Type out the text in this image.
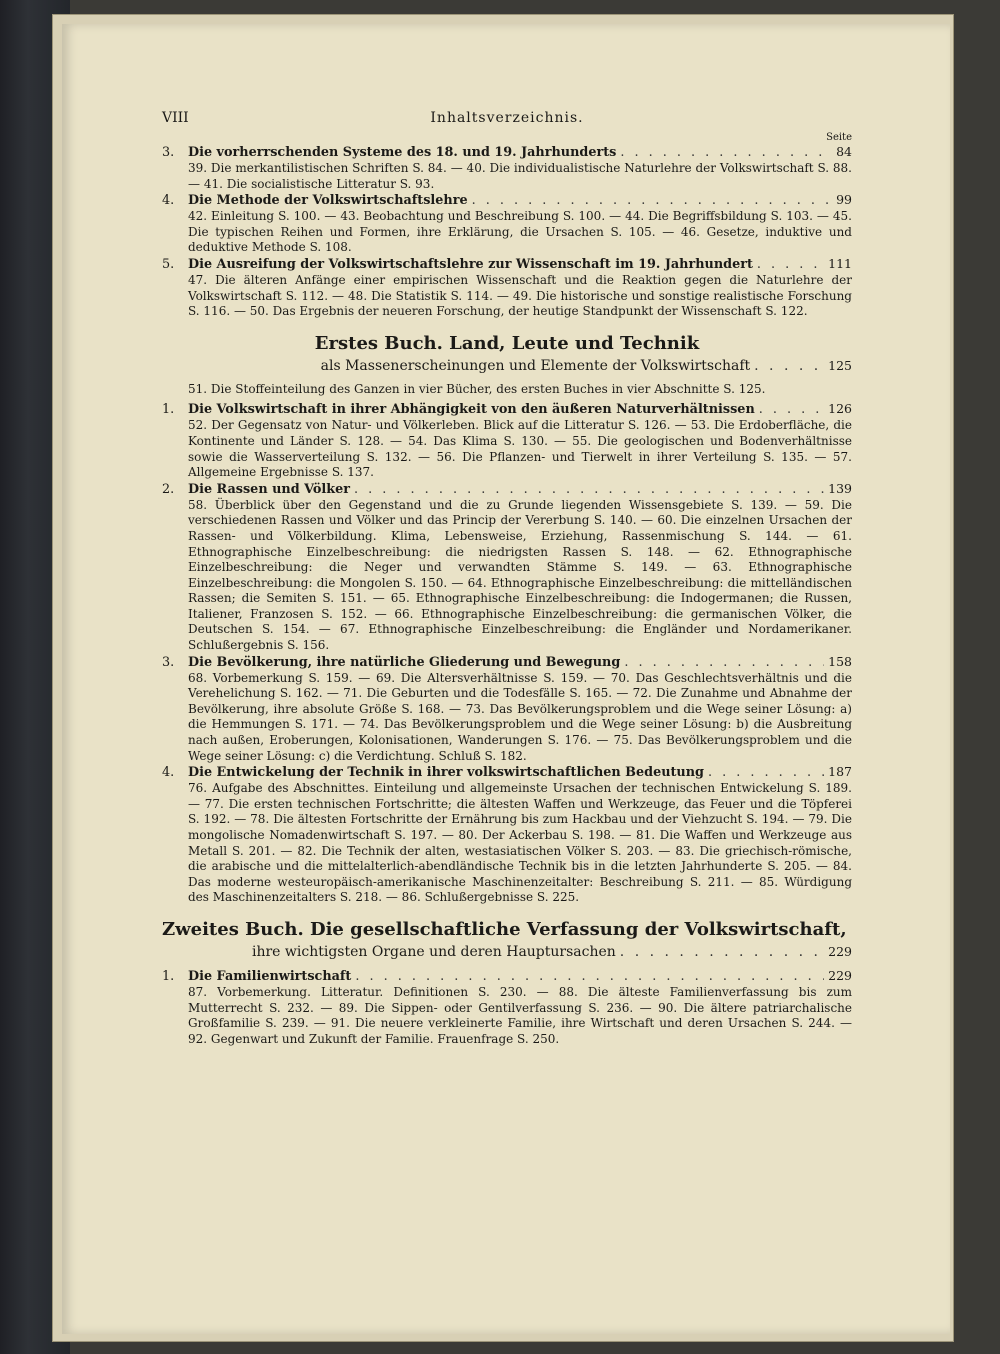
VIII	Inhaltsverzeichnis.
Seite
3.	Die vorherrschenden Systeme des 18. und 19. Jahrhunderts . . .	84
39. Die merkantilistischen Schriften S. 84. — 40. Die individualistische Naturlehre der Volkswirtschaft S. 88. — 41. Die socialistische Litteratur S. 93.
4.	Die Methode der Volkswirtschaftslehre . . .	99
42. Einleitung S. 100. — 43. Beobachtung und Beschreibung S. 100. — 44. Die Begriffsbildung S. 103. — 45. Die typischen Reihen und Formen, ihre Erklärung, die Ursachen S. 105. — 46. Gesetze, induktive und deduktive Methode S. 108.
5.	Die Ausreifung der Volkswirtschaftslehre zur Wissenschaft im 19. Jahrhundert . . .	111
47. Die älteren Anfänge einer empirischen Wissenschaft und die Reaktion gegen die Naturlehre der Volkswirtschaft S. 112. — 48. Die Statistik S. 114. — 49. Die historische und sonstige realistische Forschung S. 116. — 50. Das Ergebnis der neueren Forschung, der heutige Standpunkt der Wissenschaft S. 122.
Erstes Buch. Land, Leute und Technik
als Massenerscheinungen und Elemente der Volkswirtschaft . . .	125
51. Die Stoffeinteilung des Ganzen in vier Bücher, des ersten Buches in vier Abschnitte S. 125.
1.	Die Volkswirtschaft in ihrer Abhängigkeit von den äußeren Naturverhältnissen . . .	126
52. Der Gegensatz von Natur- und Völkerleben. Blick auf die Litteratur S. 126. — 53. Die Erdoberfläche, die Kontinente und Länder S. 128. — 54. Das Klima S. 130. — 55. Die geologischen und Bodenverhältnisse sowie die Wasserverteilung S. 132. — 56. Die Pflanzen- und Tierwelt in ihrer Verteilung S. 135. — 57. Allgemeine Ergebnisse S. 137.
2.	Die Rassen und Völker . . .	139
58. Überblick über den Gegenstand und die zu Grunde liegenden Wissensgebiete S. 139. — 59. Die verschiedenen Rassen und Völker und das Princip der Vererbung S. 140. — 60. Die einzelnen Ursachen der Rassen- und Völkerbildung. Klima, Lebensweise, Erziehung, Rassenmischung S. 144. — 61. Ethnographische Einzelbeschreibung: die niedrigsten Rassen S. 148. — 62. Ethnographische Einzelbeschreibung: die Neger und verwandten Stämme S. 149. — 63. Ethnographische Einzelbeschreibung: die Mongolen S. 150. — 64. Ethnographische Einzelbeschreibung: die mittelländischen Rassen; die Semiten S. 151. — 65. Ethnographische Einzelbeschreibung: die Indogermanen; die Russen, Italiener, Franzosen S. 152. — 66. Ethnographische Einzelbeschreibung: die germanischen Völker, die Deutschen S. 154. — 67. Ethnographische Einzelbeschreibung: die Engländer und Nordamerikaner. Schlußergebnis S. 156.
3.	Die Bevölkerung, ihre natürliche Gliederung und Bewegung . . .	158
68. Vorbemerkung S. 159. — 69. Die Altersverhältnisse S. 159. — 70. Das Geschlechtsverhältnis und die Verehelichung S. 162. — 71. Die Geburten und die Todesfälle S. 165. — 72. Die Zunahme und Abnahme der Bevölkerung, ihre absolute Größe S. 168. — 73. Das Bevölkerungsproblem und die Wege seiner Lösung: a) die Hemmungen S. 171. — 74. Das Bevölkerungsproblem und die Wege seiner Lösung: b) die Ausbreitung nach außen, Eroberungen, Kolonisationen, Wanderungen S. 176. — 75. Das Bevölkerungsproblem und die Wege seiner Lösung: c) die Verdichtung. Schluß S. 182.
4.	Die Entwickelung der Technik in ihrer volkswirtschaftlichen Bedeutung . . .	187
76. Aufgabe des Abschnittes. Einteilung und allgemeinste Ursachen der technischen Entwickelung S. 189. — 77. Die ersten technischen Fortschritte; die ältesten Waffen und Werkzeuge, das Feuer und die Töpferei S. 192. — 78. Die ältesten Fortschritte der Ernährung bis zum Hackbau und der Viehzucht S. 194. — 79. Die mongolische Nomadenwirtschaft S. 197. — 80. Der Ackerbau S. 198. — 81. Die Waffen und Werkzeuge aus Metall S. 201. — 82. Die Technik der alten, westasiatischen Völker S. 203. — 83. Die griechisch-römische, die arabische und die mittelalterlich-abendländische Technik bis in die letzten Jahrhunderte S. 205. — 84. Das moderne westeuropäisch-amerikanische Maschinenzeitalter: Beschreibung S. 211. — 85. Würdigung des Maschinenzeitalters S. 218. — 86. Schlußergebnisse S. 225.
Zweites Buch. Die gesellschaftliche Verfassung der Volkswirtschaft,
ihre wichtigsten Organe und deren Hauptursachen . . .	229
1.	Die Familienwirtschaft . . .	229
87. Vorbemerkung. Litteratur. Definitionen S. 230. — 88. Die älteste Familienverfassung bis zum Mutterrecht S. 232. — 89. Die Sippen- oder Gentilverfassung S. 236. — 90. Die ältere patriarchalische Großfamilie S. 239. — 91. Die neuere verkleinerte Familie, ihre Wirtschaft und deren Ursachen S. 244. — 92. Gegenwart und Zukunft der Familie. Frauenfrage S. 250.
